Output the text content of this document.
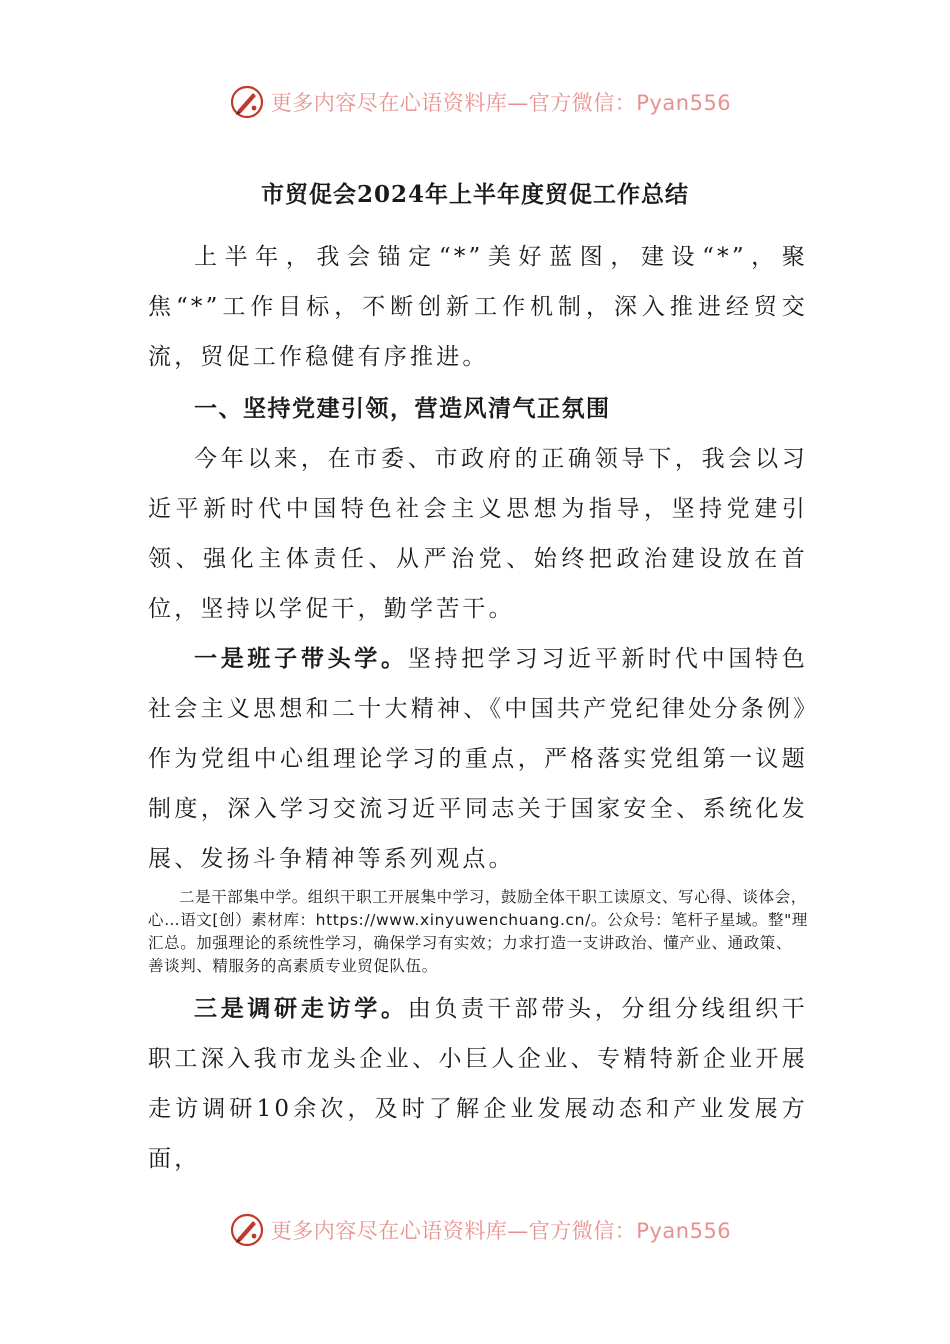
更多内容尽在心语资料库—官方微信：Pyan556
市贸促会2024年上半年度贸促工作总结

上半年，我会锚定“*”美好蓝图，建设“*”，聚焦“*”工作目标，不断创新工作机制，深入推进经贸交流，贸促工作稳健有序推进。

一、坚持党建引领，营造风清气正氛围

今年以来，在市委、市政府的正确领导下，我会以习近平新时代中国特色社会主义思想为指导，坚持党建引领、强化主体责任、从严治党、始终把政治建设放在首位，坚持以学促干，勤学苦干。

一是班子带头学。坚持把学习习近平新时代中国特色社会主义思想和二十大精神、《中国共产党纪律处分条例》作为党组中心组理论学习的重点，严格落实党组第一议题制度，深入学习交流习近平同志关于国家安全、系统化发展、发扬斗争精神等系列观点。

二是干部集中学。组织干职工开展集中学习，鼓励全体干职工读原文、写心得、谈体会，心…语文[创）素材库：https://www.xinyuwenchuang.cn/。公众号：笔杆子星域。整"理汇总。加强理论的系统性学习，确保学习有实效；力求打造一支讲政治、懂产业、通政策、善谈判、精服务的高素质专业贸促队伍。

三是调研走访学。由负责干部带头，分组分线组织干职工深入我市龙头企业、小巨人企业、专精特新企业开展走访调研10余次，及时了解企业发展动态和产业发展方面，

更多内容尽在心语资料库—官方微信：Pyan556
